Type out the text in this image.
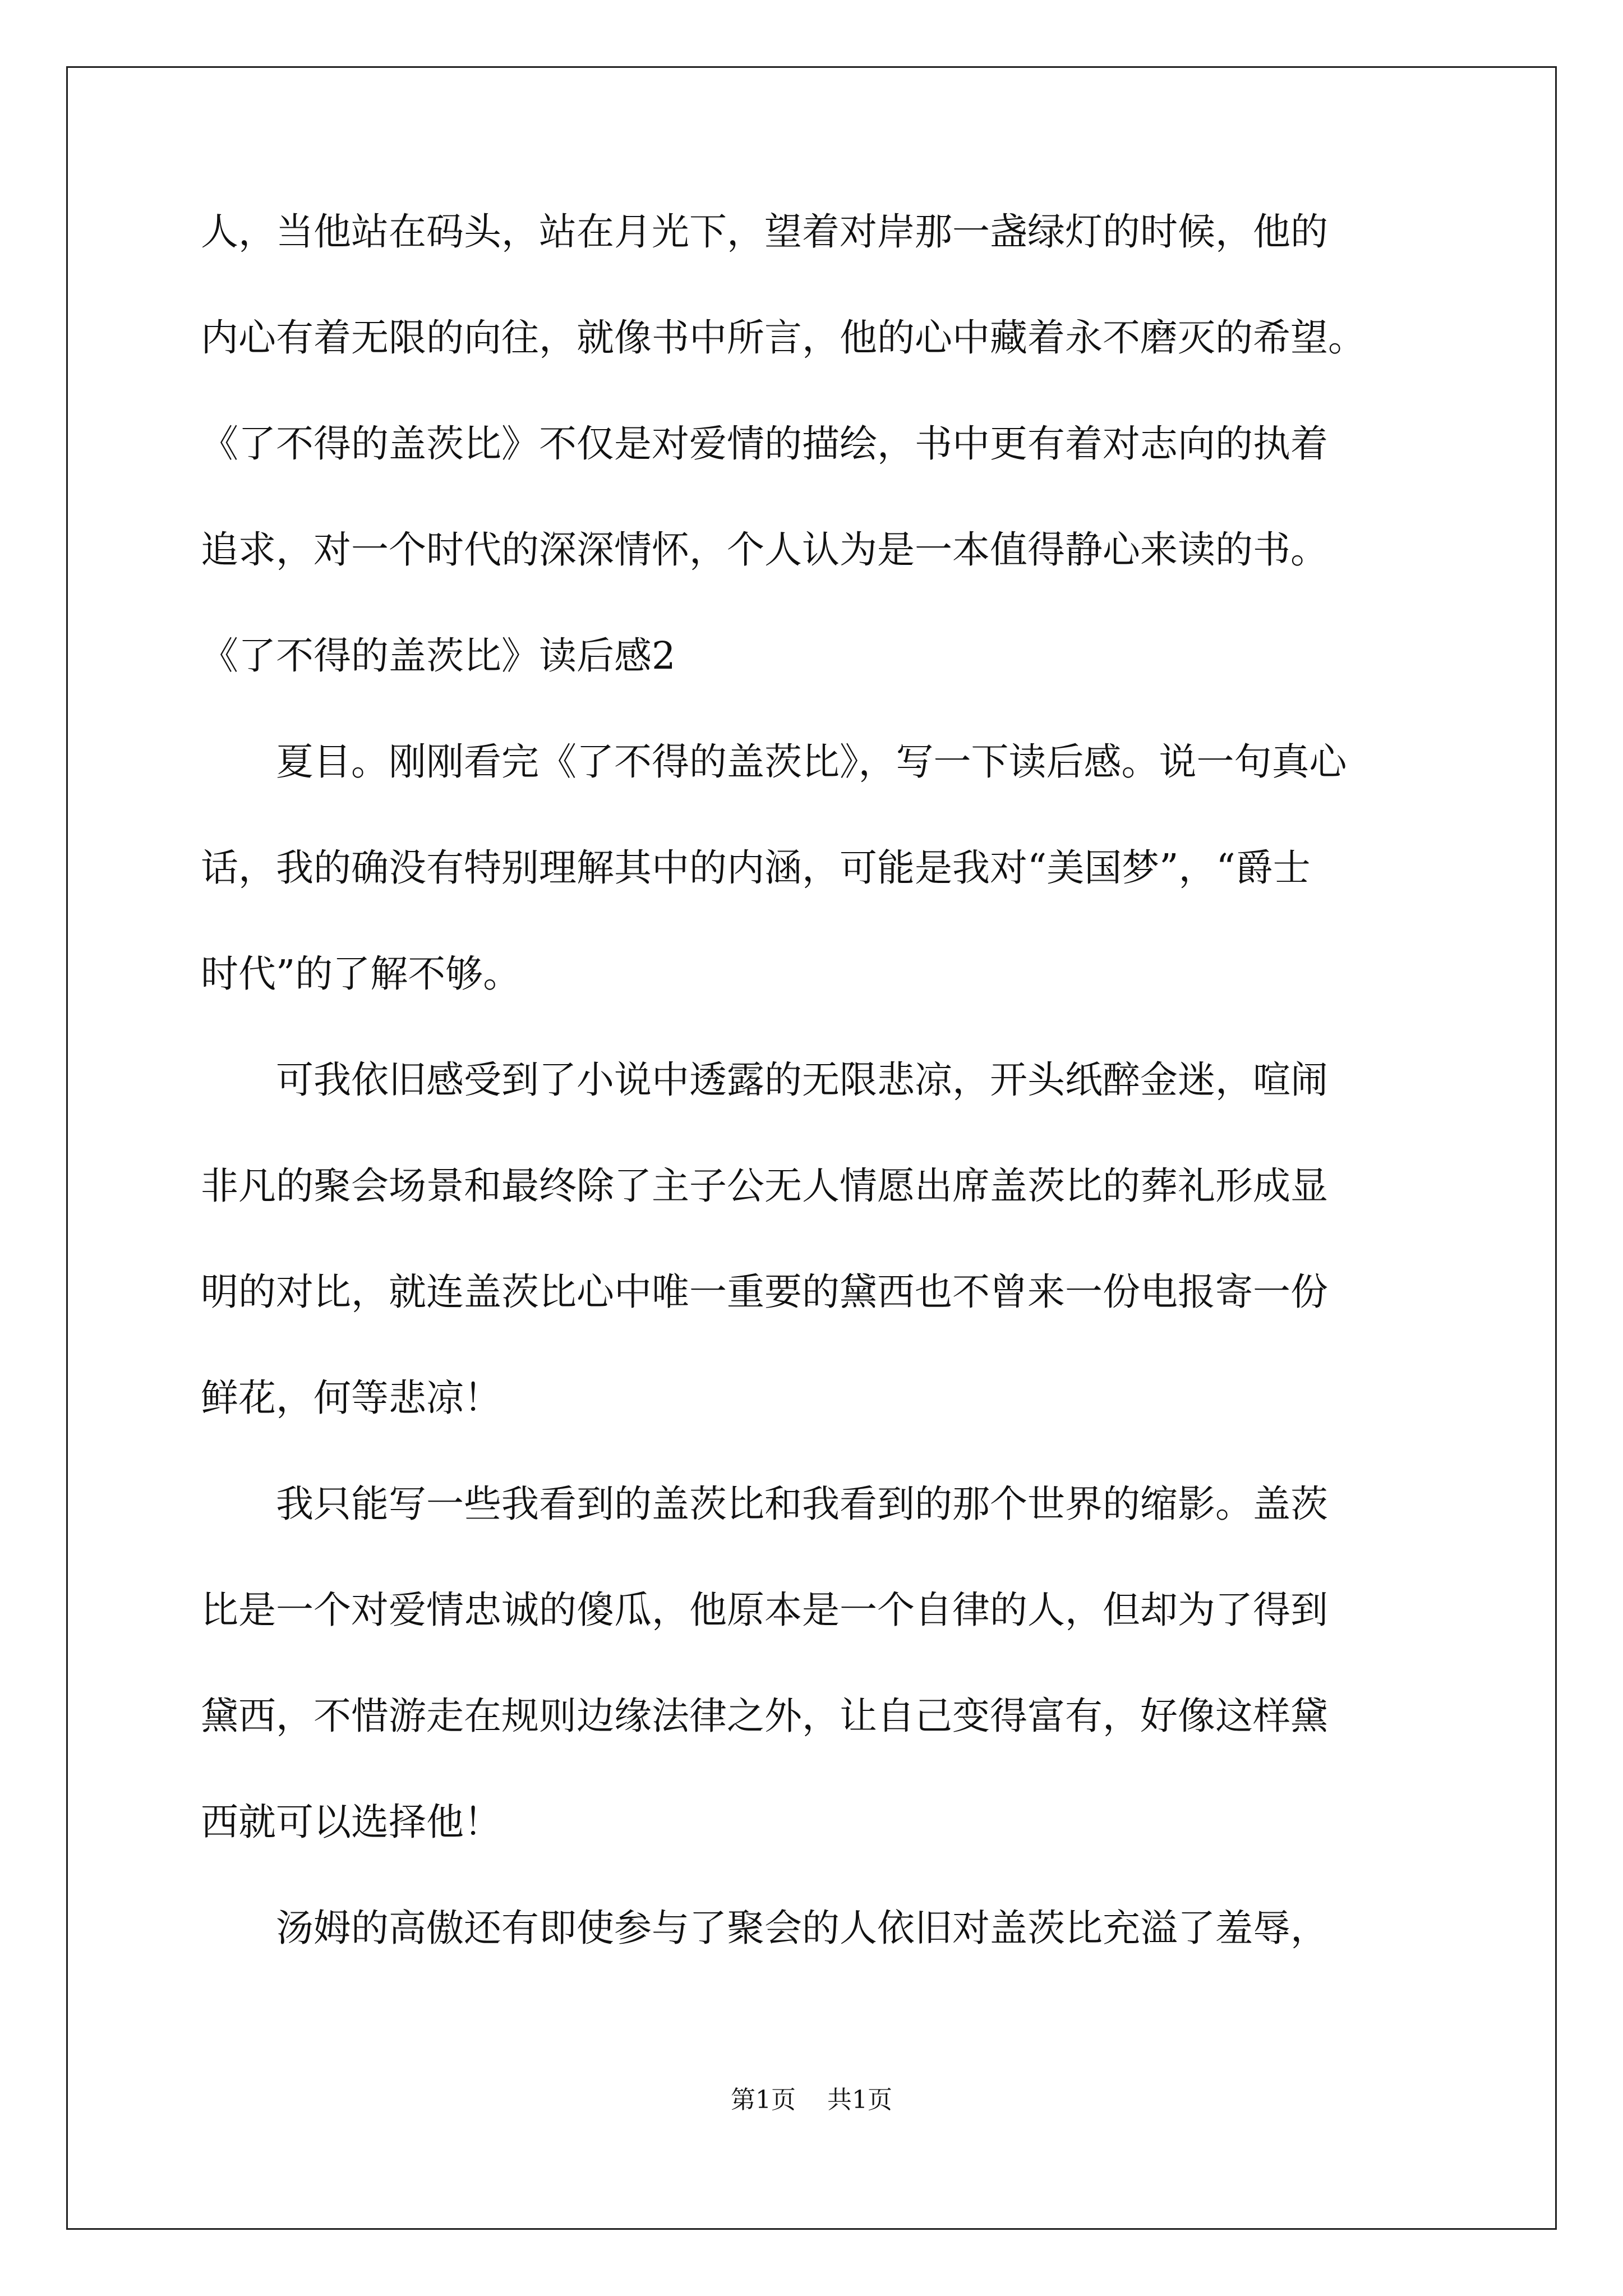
人，当他站在码头，站在月光下，望着对岸那一盏绿灯的时候，他的

内心有着无限的向往，就像书中所言，他的心中藏着永不磨灭的希望。

《了不得的盖茨比》不仅是对爱情的描绘，书中更有着对志向的执着

追求，对一个时代的深深情怀，个人认为是一本值得静心来读的书。

《了不得的盖茨比》读后感2

夏目。刚刚看完《了不得的盖茨比》，写一下读后感。说一句真心

话，我的确没有特别理解其中的内涵，可能是我对“美国梦”，“爵士

时代”的了解不够。

可我依旧感受到了小说中透露的无限悲凉，开头纸醉金迷，喧闹

非凡的聚会场景和最终除了主子公无人情愿出席盖茨比的葬礼形成显

明的对比，就连盖茨比心中唯一重要的黛西也不曾来一份电报寄一份

鲜花，何等悲凉！

我只能写一些我看到的盖茨比和我看到的那个世界的缩影。盖茨

比是一个对爱情忠诚的傻瓜，他原本是一个自律的人，但却为了得到

黛西，不惜游走在规则边缘法律之外，让自己变得富有，好像这样黛

西就可以选择他！

汤姆的高傲还有即使参与了聚会的人依旧对盖茨比充溢了羞辱，

第1页 共1页
